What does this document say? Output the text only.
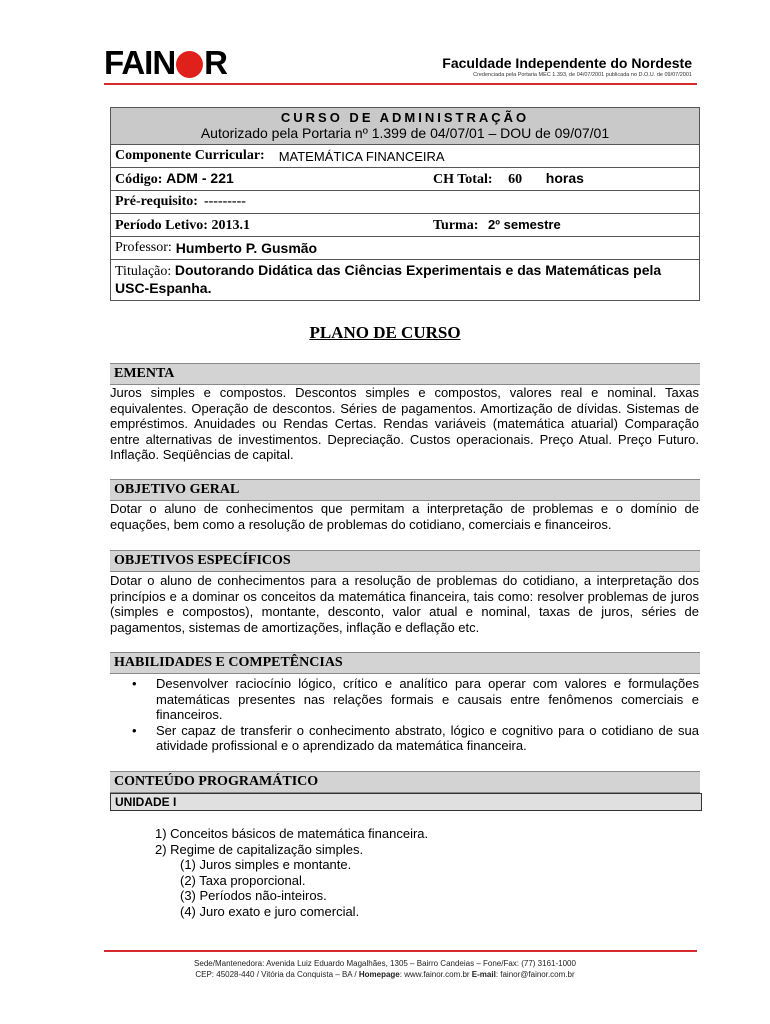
FAIN R	Faculdade Independente do Nordeste
Credenciada pela Portaria MEC 1.393, de 04/07/2001 publicada no D.O.U. de 09/07/2001
CURSO DE ADMINISTRAÇÃO
Autorizado pela Portaria nº 1.399 de 04/07/01 – DOU de 09/07/01
Componente Curricular: MATEMÁTICA FINANCEIRA
Código: ADM - 221	CH Total: 60 horas
Pré-requisito: ---------
Período Letivo: 2013.1	Turma: 2º semestre
Professor: Humberto P. Gusmão
Titulação: Doutorando Didática das Ciências Experimentais e das Matemáticas pela USC-Espanha.
PLANO DE CURSO
EMENTA
Juros simples e compostos. Descontos simples e compostos, valores real e nominal. Taxas equivalentes. Operação de descontos. Séries de pagamentos. Amortização de dívidas. Sistemas de empréstimos. Anuidades ou Rendas Certas. Rendas variáveis (matemática atuarial) Comparação entre alternativas de investimentos. Depreciação. Custos operacionais. Preço Atual. Preço Futuro. Inflação. Seqüências de capital.
OBJETIVO GERAL
Dotar o aluno de conhecimentos que permitam a interpretação de problemas e o domínio de equações, bem como a resolução de problemas do cotidiano, comerciais e financeiros.
OBJETIVOS ESPECÍFICOS
Dotar o aluno de conhecimentos para a resolução de problemas do cotidiano, a interpretação dos princípios e a dominar os conceitos da matemática financeira, tais como: resolver problemas de juros (simples e compostos), montante, desconto, valor atual e nominal, taxas de juros, séries de pagamentos, sistemas de amortizações, inflação e deflação etc.
HABILIDADES E COMPETÊNCIAS
• Desenvolver raciocínio lógico, crítico e analítico para operar com valores e formulações matemáticas presentes nas relações formais e causais entre fenômenos comerciais e financeiros.
• Ser capaz de transferir o conhecimento abstrato, lógico e cognitivo para o cotidiano de sua atividade profissional e o aprendizado da matemática financeira.
CONTEÚDO PROGRAMÁTICO
UNIDADE I
1) Conceitos básicos de matemática financeira.
2) Regime de capitalização simples.
(1) Juros simples e montante.
(2) Taxa proporcional.
(3) Períodos não-inteiros.
(4) Juro exato e juro comercial.
Sede/Mantenedora: Avenida Luiz Eduardo Magalhães, 1305 – Bairro Candeias – Fone/Fax: (77) 3161-1000
CEP: 45028-440 / Vitória da Conquista – BA / Homepage: www.fainor.com.br E-mail: fainor@fainor.com.br
